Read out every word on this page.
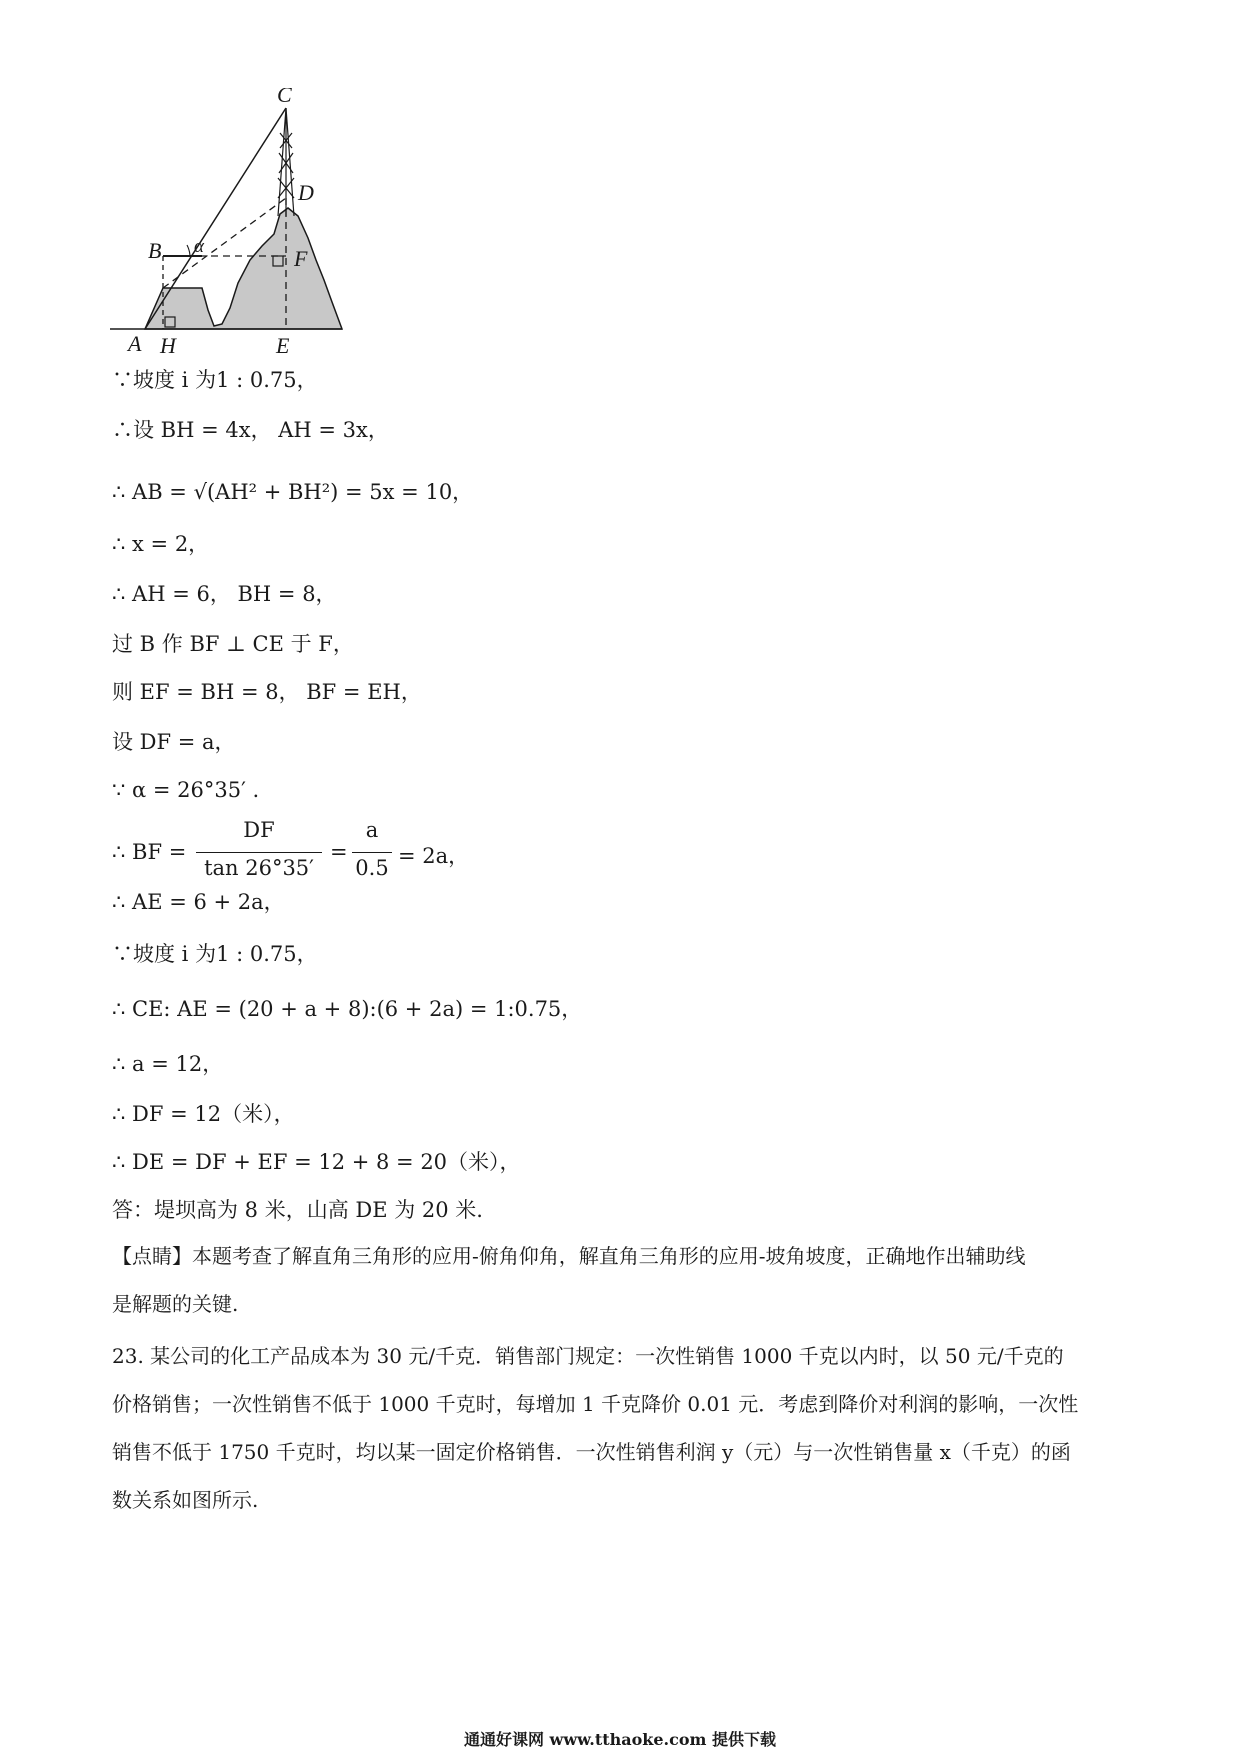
C
D
B α	F
A H	E
∵坡度 i 为1 : 0.75，
∴设 BH = 4x， AH = 3x，
∴ AB = √(AH² + BH²) = 5x = 10，
∴ x = 2，
∴ AH = 6， BH = 8，
过 B 作 BF ⊥ CE 于 F，
则 EF = BH = 8， BF = EH，
设 DF = a，
∵ α = 26°35′ .
∴ BF =
DF
tan 26°35′
=
a
0.5 = 2a，
∴ AE = 6 + 2a，
∵坡度 i 为1 : 0.75，
∴ CE: AE = (20 + a + 8):(6 + 2a) = 1:0.75，
∴ a = 12，
∴ DF = 12（米），
∴ DE = DF + EF = 12 + 8 = 20（米），
答：堤坝高为 8 米，山高 DE 为 20 米.
【点睛】本题考查了解直角三角形的应用-俯角仰角，解直角三角形的应用-坡角坡度，正确地作出辅助线
是解题的关键.
23. 某公司的化工产品成本为 30 元/千克．销售部门规定：一次性销售 1000 千克以内时，以 50 元/千克的
价格销售；一次性销售不低于 1000 千克时，每增加 1 千克降价 0.01 元．考虑到降价对利润的影响，一次性
销售不低于 1750 千克时，均以某一固定价格销售．一次性销售利润 y（元）与一次性销售量 x（千克）的函
数关系如图所示.
通通好课网 www.tthaoke.com 提供下载
